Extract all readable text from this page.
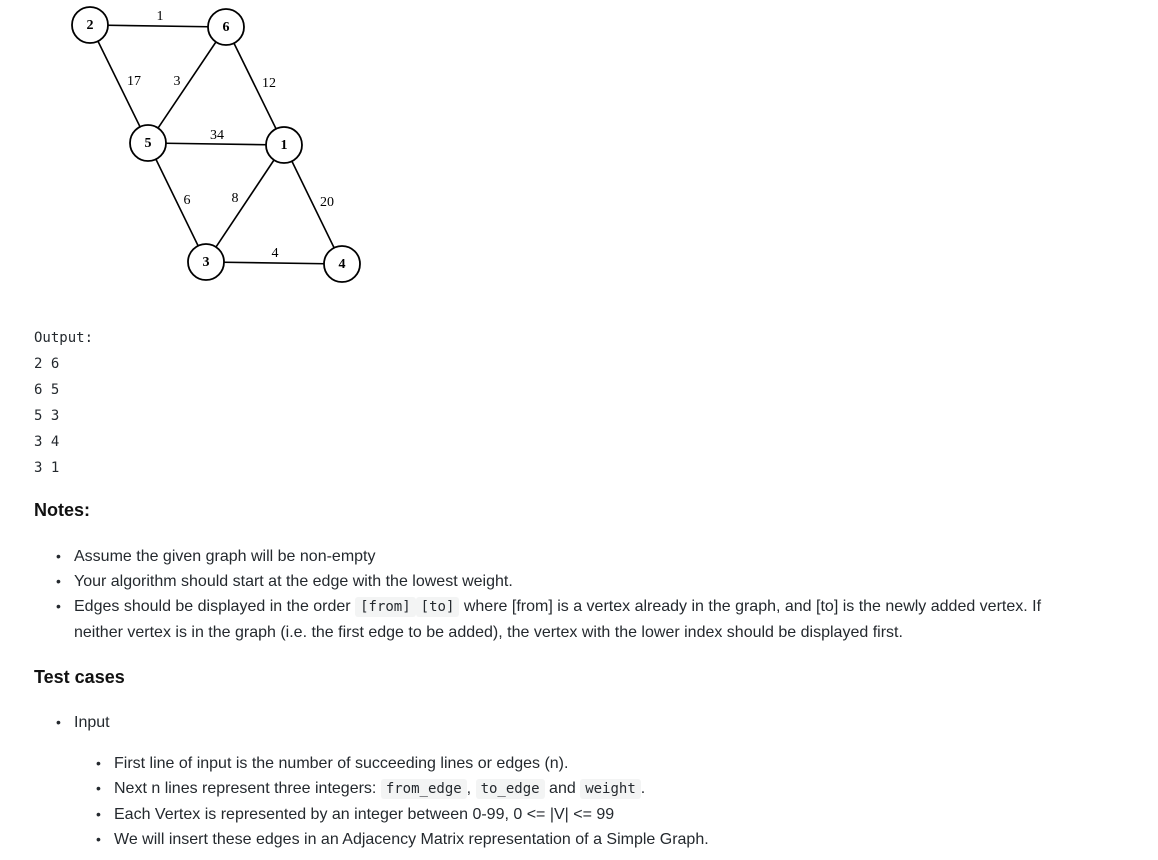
1
17 3	12
34
6	8	20
4
2	6
5	1
3	4
Output:
2 6
6 5
5 3
3 4
3 1
Notes:
• Assume the given graph will be non-empty
• Your algorithm should start at the edge with the lowest weight.
• Edges should be displayed in the order [from] [to] where [from] is a vertex already in the graph, and [to] is the newly added vertex. If neither vertex is in the graph (i.e. the first edge to be added), the vertex with the lower index should be displayed first.
Test cases
• Input
• First line of input is the number of succeeding lines or edges (n).
• Next n lines represent three integers: from_edge , to_edge and weight .
• Each Vertex is represented by an integer between 0-99, 0 <= |V| <= 99
• We will insert these edges in an Adjacency Matrix representation of a Simple Graph.
